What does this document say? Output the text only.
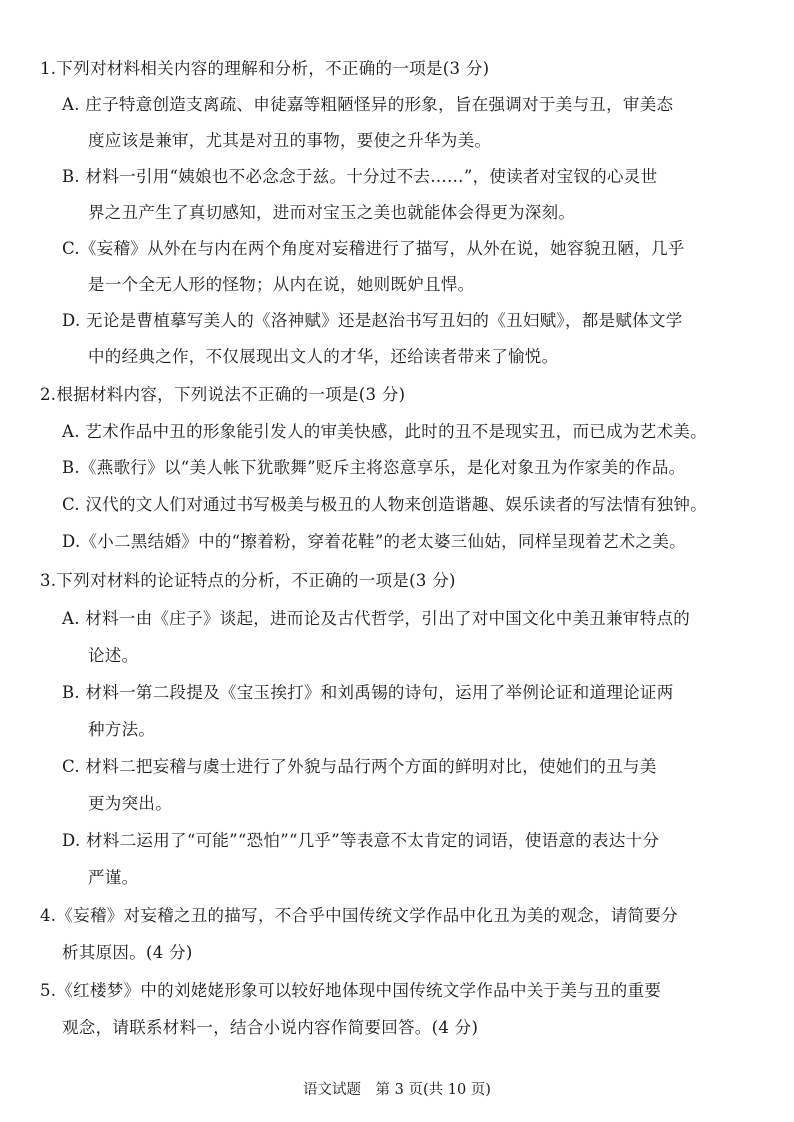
1.下列对材料相关内容的理解和分析，不正确的一项是(3 分)
A. 庄子特意创造支离疏、申徒嘉等粗陋怪异的形象，旨在强调对于美与丑，审美态
度应该是兼审，尤其是对丑的事物，要使之升华为美。
B. 材料一引用“姨娘也不必念念于兹。十分过不去……”，使读者对宝钗的心灵世
界之丑产生了真切感知，进而对宝玉之美也就能体会得更为深刻。
C.《妄稽》从外在与内在两个角度对妄稽进行了描写，从外在说，她容貌丑陋，几乎
是一个全无人形的怪物；从内在说，她则既妒且悍。
D. 无论是曹植摹写美人的《洛神赋》还是赵治书写丑妇的《丑妇赋》，都是赋体文学
中的经典之作，不仅展现出文人的才华，还给读者带来了愉悦。
2.根据材料内容，下列说法不正确的一项是(3 分)
A. 艺术作品中丑的形象能引发人的审美快感，此时的丑不是现实丑，而已成为艺术美。
B.《燕歌行》以“美人帐下犹歌舞”贬斥主将恣意享乐，是化对象丑为作家美的作品。
C. 汉代的文人们对通过书写极美与极丑的人物来创造谐趣、娱乐读者的写法情有独钟。
D.《小二黑结婚》中的“擦着粉，穿着花鞋”的老太婆三仙姑，同样呈现着艺术之美。
3.下列对材料的论证特点的分析，不正确的一项是(3 分)
A. 材料一由《庄子》谈起，进而论及古代哲学，引出了对中国文化中美丑兼审特点的
论述。
B. 材料一第二段提及《宝玉挨打》和刘禹锡的诗句，运用了举例论证和道理论证两
种方法。
C. 材料二把妄稽与虞士进行了外貌与品行两个方面的鲜明对比，使她们的丑与美
更为突出。
D. 材料二运用了“可能”“恐怕”“几乎”等表意不太肯定的词语，使语意的表达十分
严谨。
4.《妄稽》对妄稽之丑的描写，不合乎中国传统文学作品中化丑为美的观念，请简要分
析其原因。(4 分)
5.《红楼梦》中的刘姥姥形象可以较好地体现中国传统文学作品中关于美与丑的重要
观念，请联系材料一，结合小说内容作简要回答。(4 分)
语文试题　第 3 页(共 10 页)
